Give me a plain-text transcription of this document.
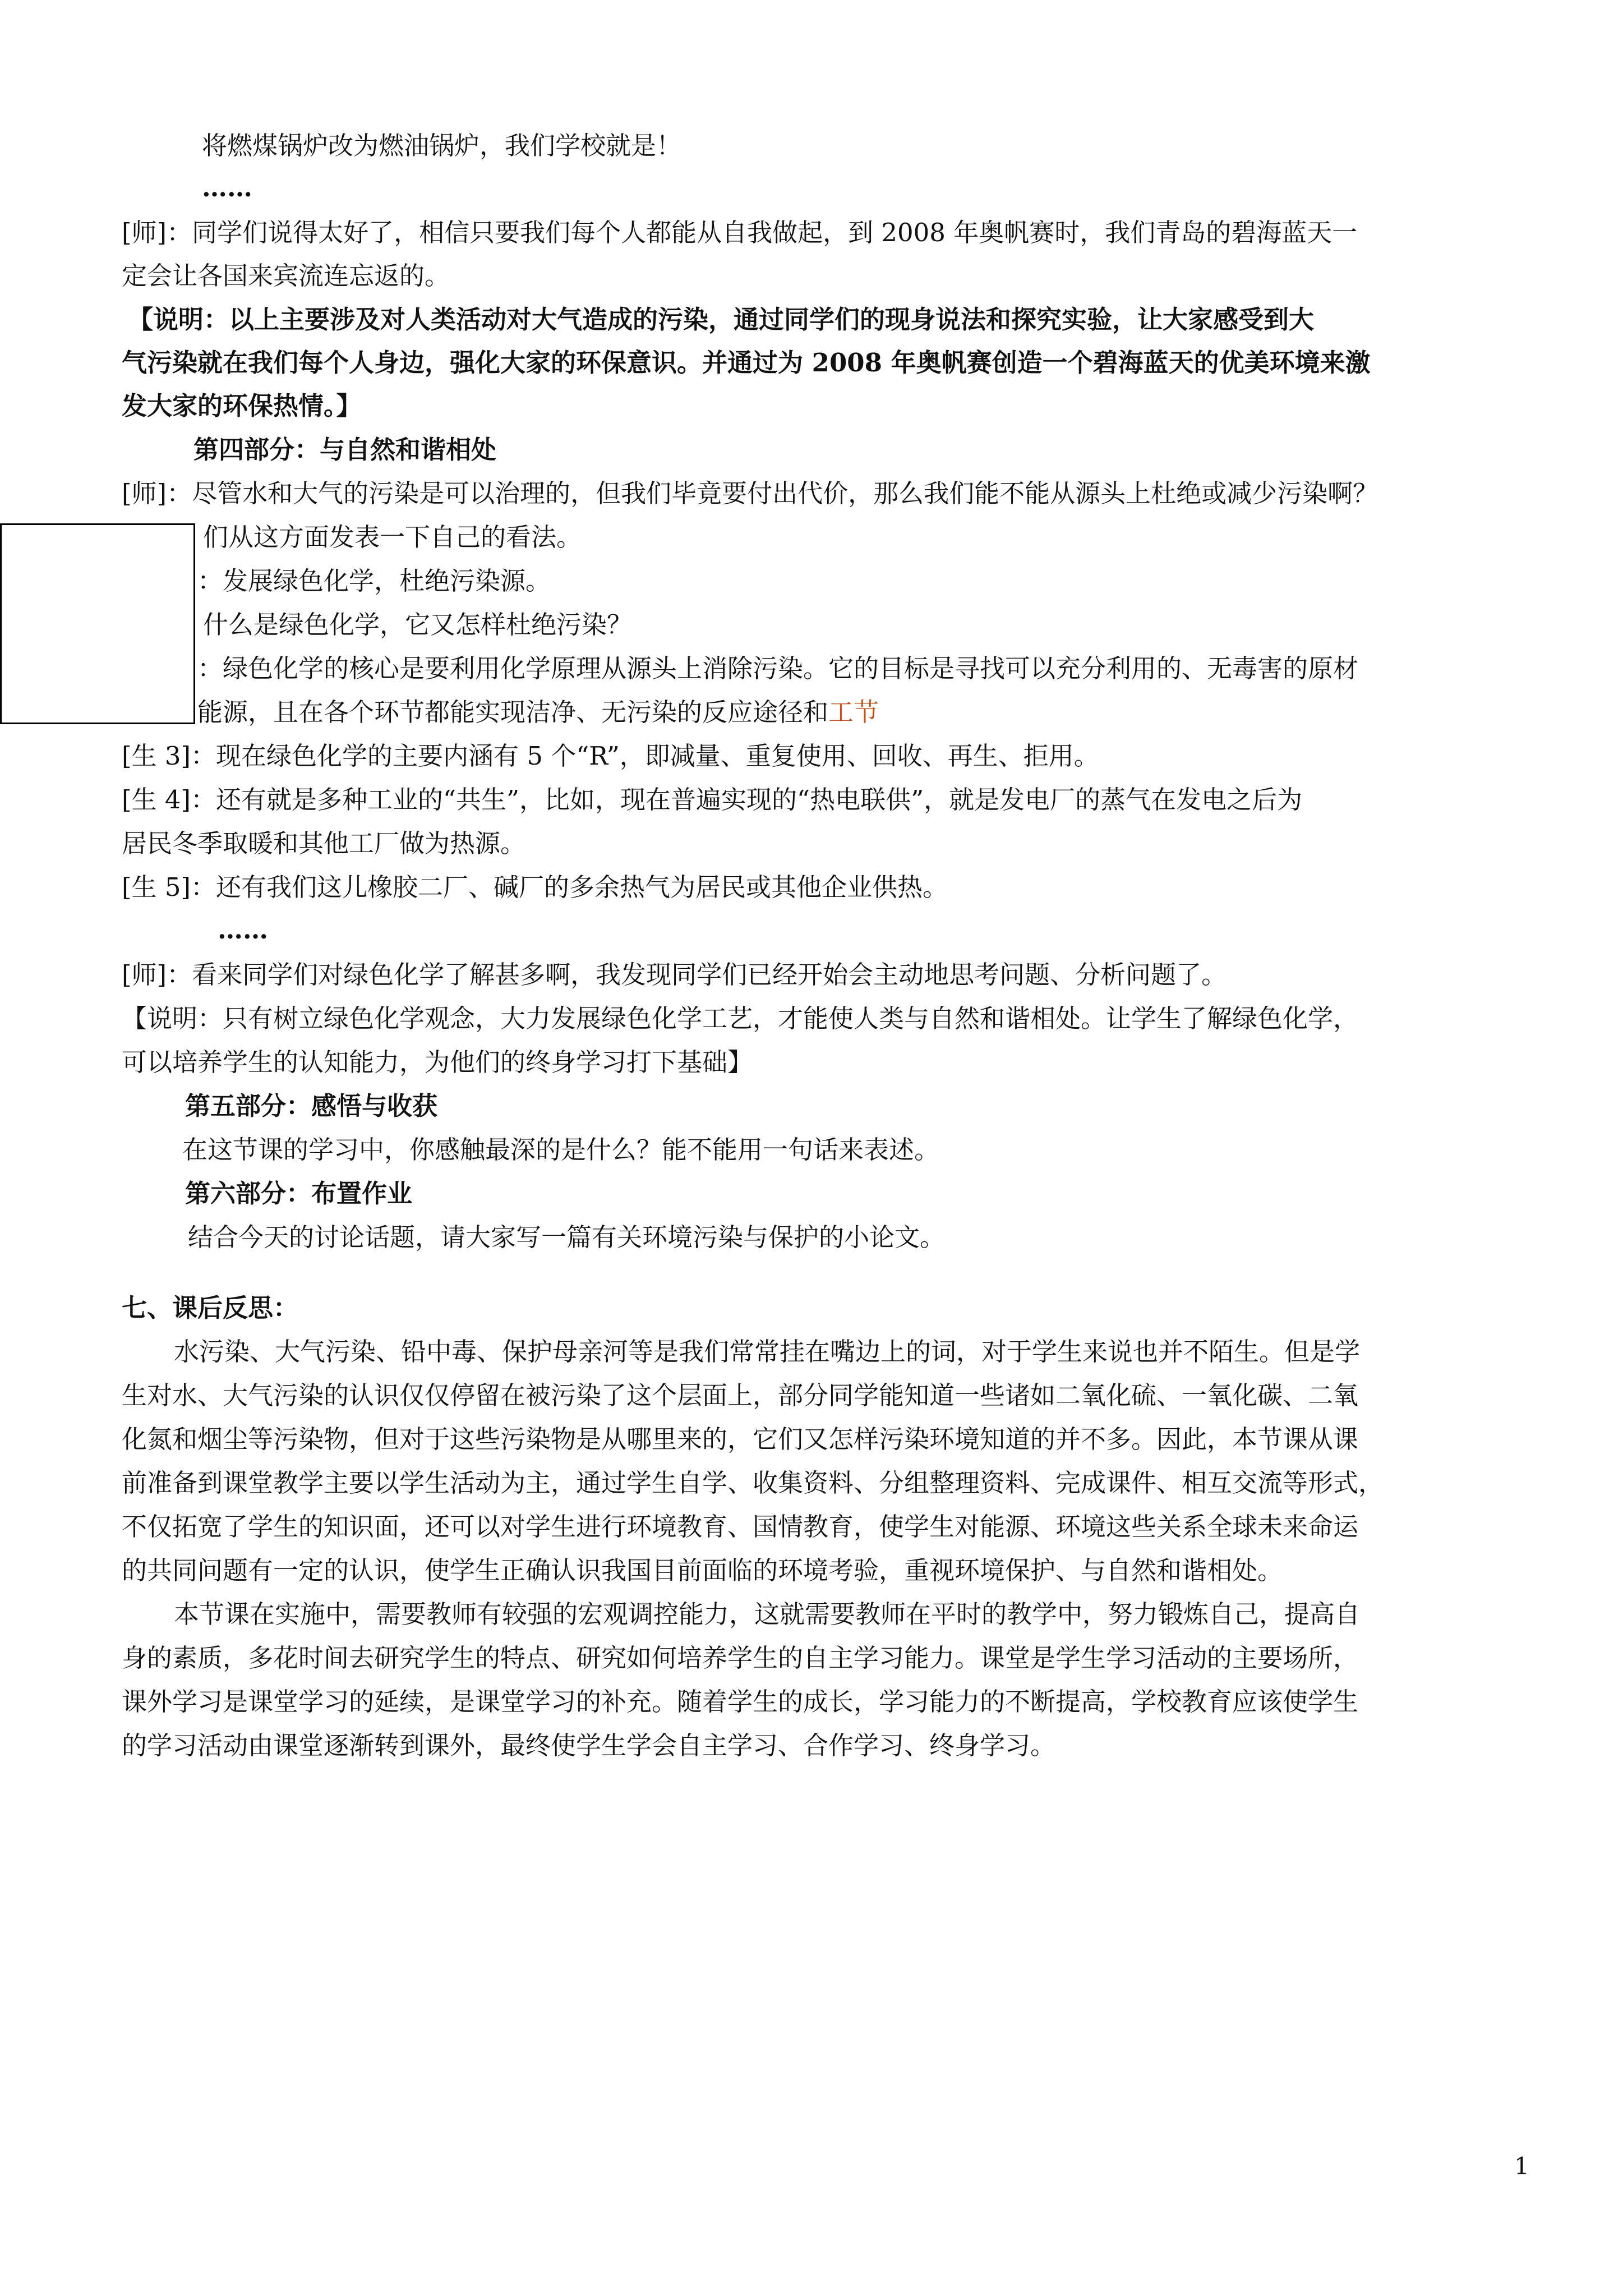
将燃煤锅炉改为燃油锅炉，我们学校就是！
……
[师]：同学们说得太好了，相信只要我们每个人都能从自我做起，到 2008 年奥帆赛时，我们青岛的碧海蓝天一
定会让各国来宾流连忘返的。
【说明：以上主要涉及对人类活动对大气造成的污染，通过同学们的现身说法和探究实验，让大家感受到大
气污染就在我们每个人身边，强化大家的环保意识。并通过为 2008 年奥帆赛创造一个碧海蓝天的优美环境来激
发大家的环保热情。】
第四部分：与自然和谐相处
[师]：尽管水和大气的污染是可以治理的，但我们毕竟要付出代价，那么我们能不能从源头上杜绝或减少污染啊？
们从这方面发表一下自己的看法。
：发展绿色化学，杜绝污染源。
什么是绿色化学，它又怎样杜绝污染？
：绿色化学的核心是要利用化学原理从源头上消除污染。它的目标是寻找可以充分利用的、无毒害的原材
能源，且在各个环节都能实现洁净、无污染的反应途径和工节
[生 3]：现在绿色化学的主要内涵有 5 个“R”，即减量、重复使用、回收、再生、拒用。
[生 4]：还有就是多种工业的“共生”，比如，现在普遍实现的“热电联供”，就是发电厂的蒸气在发电之后为
居民冬季取暖和其他工厂做为热源。
[生 5]：还有我们这儿橡胶二厂、碱厂的多余热气为居民或其他企业供热。
……
[师]：看来同学们对绿色化学了解甚多啊，我发现同学们已经开始会主动地思考问题、分析问题了。
【说明：只有树立绿色化学观念，大力发展绿色化学工艺，才能使人类与自然和谐相处。让学生了解绿色化学，
可以培养学生的认知能力，为他们的终身学习打下基础】
第五部分：感悟与收获
在这节课的学习中，你感触最深的是什么？能不能用一句话来表述。
第六部分：布置作业
结合今天的讨论话题，请大家写一篇有关环境污染与保护的小论文。
七、课后反思：
水污染、大气污染、铅中毒、保护母亲河等是我们常常挂在嘴边上的词，对于学生来说也并不陌生。但是学
生对水、大气污染的认识仅仅停留在被污染了这个层面上，部分同学能知道一些诸如二氧化硫、一氧化碳、二氧
化氮和烟尘等污染物，但对于这些污染物是从哪里来的，它们又怎样污染环境知道的并不多。因此，本节课从课
前准备到课堂教学主要以学生活动为主，通过学生自学、收集资料、分组整理资料、完成课件、相互交流等形式，
不仅拓宽了学生的知识面，还可以对学生进行环境教育、国情教育，使学生对能源、环境这些关系全球未来命运
的共同问题有一定的认识，使学生正确认识我国目前面临的环境考验，重视环境保护、与自然和谐相处。
本节课在实施中，需要教师有较强的宏观调控能力，这就需要教师在平时的教学中，努力锻炼自己，提高自
身的素质，多花时间去研究学生的特点、研究如何培养学生的自主学习能力。课堂是学生学习活动的主要场所，
课外学习是课堂学习的延续，是课堂学习的补充。随着学生的成长，学习能力的不断提高，学校教育应该使学生
的学习活动由课堂逐渐转到课外，最终使学生学会自主学习、合作学习、终身学习。
1
